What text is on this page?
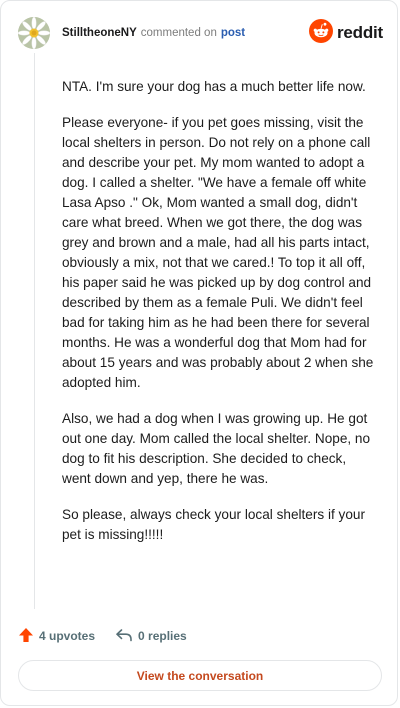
StilltheoneNY commented on post	reddit

NTA. I'm sure your dog has a much better life now.

Please everyone- if you pet goes missing, visit the local shelters in person. Do not rely on a phone call and describe your pet. My mom wanted to adopt a dog. I called a shelter. "We have a female off white Lasa Apso ." Ok, Mom wanted a small dog, didn't care what breed. When we got there, the dog was grey and brown and a male, had all his parts intact, obviously a mix, not that we cared.! To top it all off, his paper said he was picked up by dog control and described by them as a female Puli. We didn't feel bad for taking him as he had been there for several months. He was a wonderful dog that Mom had for about 15 years and was probably about 2 when she adopted him.

Also, we had a dog when I was growing up. He got out one day. Mom called the local shelter. Nope, no dog to fit his description. She decided to check, went down and yep, there he was.

So please, always check your local shelters if your pet is missing!!!!!

4 upvotes	0 replies
View the conversation
